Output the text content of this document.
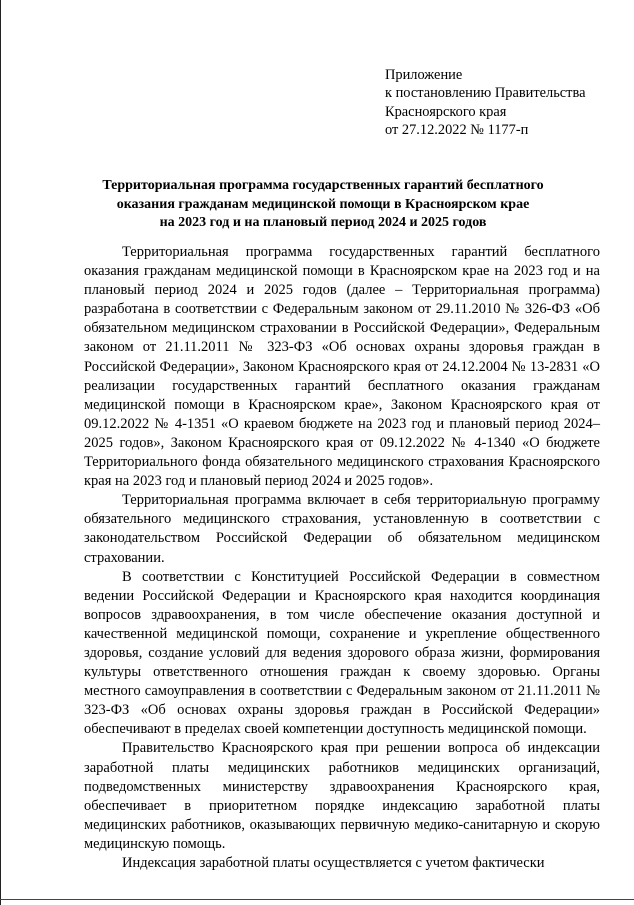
Приложение
к постановлению Правительства
Красноярского края
от 27.12.2022 № 1177-п
Территориальная программа государственных гарантий бесплатного
оказания гражданам медицинской помощи в Красноярском крае
на 2023 год и на плановый период 2024 и 2025 годов

Территориальная программа государственных гарантий бесплатного оказания гражданам медицинской помощи в Красноярском крае на 2023 год и на плановый период 2024 и 2025 годов (далее – Территориальная программа) разработана в соответствии с Федеральным законом от 29.11.2010 № 326-ФЗ «Об обязательном медицинском страховании в Российской Федерации», Федеральным законом от 21.11.2011 № 323-ФЗ «Об основах охраны здоровья граждан в Российской Федерации», Законом Красноярского края от 24.12.2004 № 13-2831 «О реализации государственных гарантий бесплатного оказания гражданам медицинской помощи в Красноярском крае», Законом Красноярского края от 09.12.2022 № 4-1351 «О краевом бюджете на 2023 год и плановый период 2024–2025 годов», Законом Красноярского края от 09.12.2022 № 4-1340 «О бюджете Территориального фонда обязательного медицинского страхования Красноярского края на 2023 год и плановый период 2024 и 2025 годов».

Территориальная программа включает в себя территориальную программу обязательного медицинского страхования, установленную в соответствии с законодательством Российской Федерации об обязательном медицинском страховании.

В соответствии с Конституцией Российской Федерации в совместном ведении Российской Федерации и Красноярского края находится координация вопросов здравоохранения, в том числе обеспечение оказания доступной и качественной медицинской помощи, сохранение и укрепление общественного здоровья, создание условий для ведения здорового образа жизни, формирования культуры ответственного отношения граждан к своему здоровью. Органы местного самоуправления в соответствии с Федеральным законом от 21.11.2011 № 323-ФЗ «Об основах охраны здоровья граждан в Российской Федерации» обеспечивают в пределах своей компетенции доступность медицинской помощи.

Правительство Красноярского края при решении вопроса об индексации заработной платы медицинских работников медицинских организаций, подведомственных министерству здравоохранения Красноярского края, обеспечивает в приоритетном порядке индексацию заработной платы медицинских работников, оказывающих первичную медико-санитарную и скорую медицинскую помощь.

Индексация заработной платы осуществляется с учетом фактически
